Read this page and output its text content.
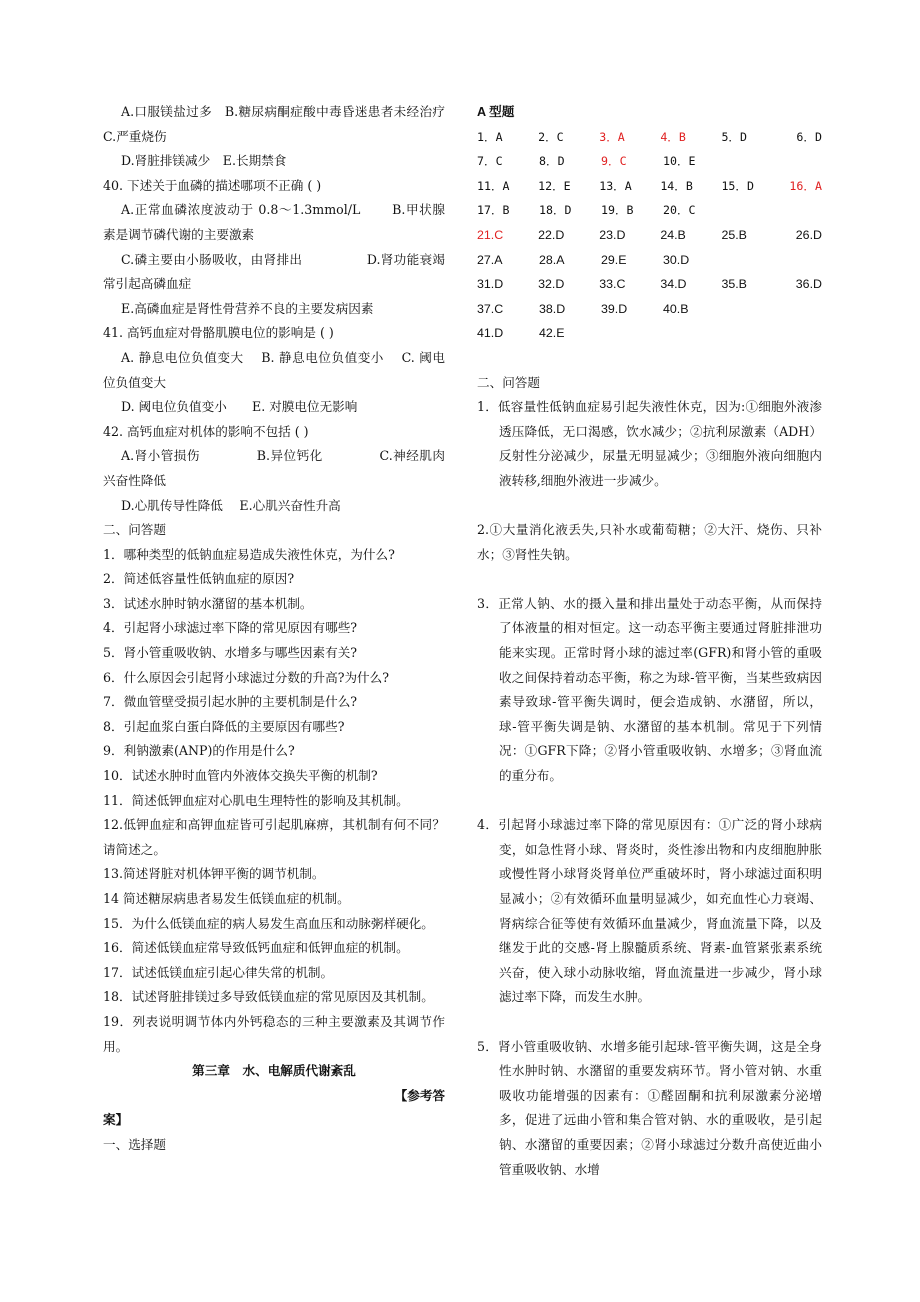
A.口服镁盐过多　B.糖尿病酮症酸中毒昏迷患者未经治疗　 C.严重烧伤

D.肾脏排镁减少　E.长期禁食

40. 下述关于血磷的描述哪项不正确 ( )

A.正常血磷浓度波动于 0.8～1.3mmol/L　　 B.甲状腺素是调节磷代谢的主要激素

C.磷主要由小肠吸收，由肾排出　　　　　D.肾功能衰竭常引起高磷血症

E.高磷血症是肾性骨营养不良的主要发病因素

41. 高钙血症对骨骼肌膜电位的影响是 ( )

A. 静息电位负值变大　 B. 静息电位负值变小　 C. 阈电位负值变大

D. 阈电位负值变小　　E. 对膜电位无影响

42. 高钙血症对机体的影响不包括 ( )

A.肾小管损伤　　　　 B.异位钙化　　　　 C.神经肌肉兴奋性降低

D.心肌传导性降低　 E.心肌兴奋性升高

二、问答题

1．哪种类型的低钠血症易造成失液性休克，为什么?

2．简述低容量性低钠血症的原因?

3．试述水肿时钠水潴留的基本机制。

4．引起肾小球滤过率下降的常见原因有哪些?

5．肾小管重吸收钠、水增多与哪些因素有关?

6．什么原因会引起肾小球滤过分数的升高?为什么?

7．微血管壁受损引起水肿的主要机制是什么?

8．引起血浆白蛋白降低的主要原因有哪些?

9．利钠激素(ANP)的作用是什么?

10．试述水肿时血管内外液体交换失平衡的机制?

11．简述低钾血症对心肌电生理特性的影响及其机制。

12.低钾血症和高钾血症皆可引起肌麻痹，其机制有何不同？请简述之。

13.简述肾脏对机体钾平衡的调节机制。

14 简述糖尿病患者易发生低镁血症的机制。

15．为什么低镁血症的病人易发生高血压和动脉粥样硬化。

16．简述低镁血症常导致低钙血症和低钾血症的机制。

17．试述低镁血症引起心律失常的机制。

18．试述肾脏排镁过多导致低镁血症的常见原因及其机制。

19．列表说明调节体内外钙稳态的三种主要激素及其调节作用。

第三章　水、电解质代谢紊乱

【参考答

案】

一、选择题

A 型题

1．A	2．C	3．A	4．B	5．D	6．D
7．C	8．D	9．C	10．E
11．A	12．E	13．A	14．B	15．D	16．A
17．B	18．D	19．B	20．C
21.C	22.D	23.D	24.B	25.B	26.D
27.A	28.A	29.E	30.D
31.D	32.D	33.C	34.D	35.B	36.D
37.C	38.D	39.D	40.B
41.D	42.E

二、问答题

1．低容量性低钠血症易引起失液性休克，因为:①细胞外液渗透压降低，无口渴感，饮水减少；②抗利尿激素（ADH）反射性分泌减少，尿量无明显减少；③细胞外液向细胞内液转移,细胞外液进一步减少。

2.①大量消化液丢失,只补水或葡萄糖；②大汗、烧伤、只补水；③肾性失钠。

3．正常人钠、水的摄入量和排出量处于动态平衡，从而保持了体液量的相对恒定。这一动态平衡主要通过肾脏排泄功能来实现。正常时肾小球的滤过率(GFR)和肾小管的重吸收之间保持着动态平衡，称之为球-管平衡，当某些致病因素导致球-管平衡失调时，便会造成钠、水潴留，所以，球-管平衡失调是钠、水潴留的基本机制。常见于下列情况：①GFR下降；②肾小管重吸收钠、水增多；③肾血流的重分布。

4．引起肾小球滤过率下降的常见原因有：①广泛的肾小球病变，如急性肾小球、肾炎时，炎性渗出物和内皮细胞肿胀或慢性肾小球肾炎肾单位严重破坏时，肾小球滤过面积明显减小；②有效循环血量明显减少，如充血性心力衰竭、肾病综合征等使有效循环血量减少，肾血流量下降，以及继发于此的交感-肾上腺髓质系统、肾素-血管紧张素系统兴奋，使入球小动脉收缩，肾血流量进一步减少，肾小球滤过率下降，而发生水肿。

5．肾小管重吸收钠、水增多能引起球-管平衡失调，这是全身性水肿时钠、水潴留的重要发病环节。肾小管对钠、水重吸收功能增强的因素有：①醛固酮和抗利尿激素分泌增多，促进了远曲小管和集合管对钠、水的重吸收，是引起钠、水潴留的重要因素；②肾小球滤过分数升高使近曲小管重吸收钠、水增
